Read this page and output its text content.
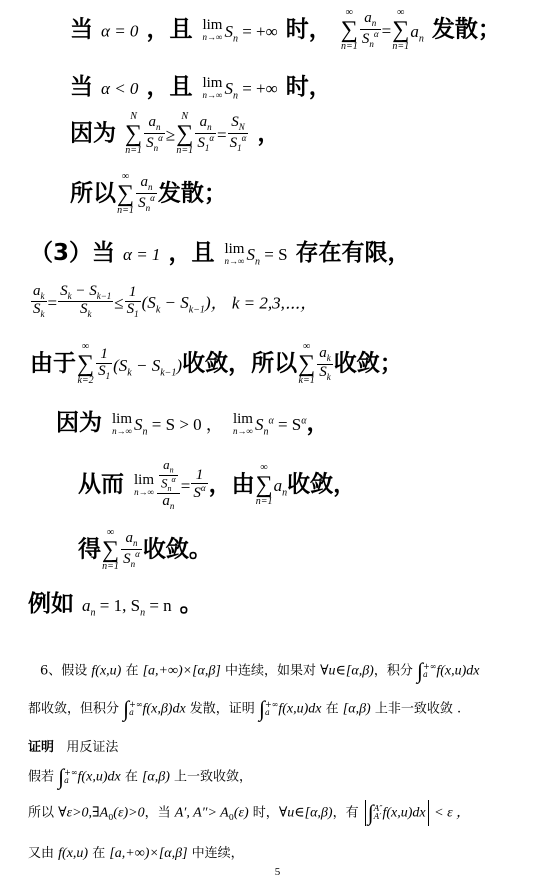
当 α = 0 ，且 lim
n→∞ $S_n$ = +∞ 时，
∞
∑
$n=1 \frac{a_n}{S_n^\alpha}$ =
∞
∑
n=1
$a_n$ 发散；
当 α < 0 ，且 lim
n→∞ $S_n$ = +∞ 时，
因为
N
∑
$n=1 \frac{a_n}{S_n^\alpha}$ ≥
N
∑
$n=1 \frac{a_n}{S_1^\alpha} = \frac{S_N}{S_1^\alpha}$ ，
所以
∞
∑
$n=1 \frac{a_n}{S_n^\alpha}$ 发散；
（3）当 α = 1 ，且 lim
n→∞ $S_n = S$ 存在有限，
$\frac{a_k}{S_k} = \frac{S_k - S_{k-1}}{S_k} \le \frac{1}{S_1} (S_k - S_{k-1})$， k = 2,3,⋯，
由于
∞
∑
$k=2 \frac{1}{S_1} (S_k - S_{k-1})$收敛，所以
∞
∑
$k=1 \frac{a_k}{S_k}$ 收敛；
因为 lim
n→∞ $S_n = S > 0$ ， lim
n→∞ $S_n^\alpha = S^\alpha$，
从而 lim
$n\to\infty \frac{\frac{a_n}{S_n^\alpha}}{a_n} = \frac{1}{S^\alpha}$ ，由
∞
∑
n=1
$a_n$收敛，
得
∞
∑
$n=1 \frac{a_n}{S_n^\alpha}$ 收敛。
例如 $a_n = 1$, $S_n = n$ 。
6、假设 f(x,u) 在 [a,+∞)×[α,β] 中连续，如果对 ∀u∈[α,β)，积分 ∫ +∞
a f(x,u)dx
都收敛，但积分 ∫ +∞
a f(x,β)dx 发散，证明 ∫ +∞
a f(x,u)dx 在 [α,β) 上非一致收敛 .
证明 用反证法
假若 ∫ +∞
a f(x,u)dx 在 [α,β) 上一致收敛，
所以 $\forall\varepsilon>0,\exists A_0(\varepsilon)>0$，当 A′, $A''> A_0(\varepsilon)$ 时，∀u∈[α,β)，有 ∫ A″
A′ f(x,u)dx < ε ，
又由 f(x,u) 在 [a,+∞)×[α,β] 中连续，
5
